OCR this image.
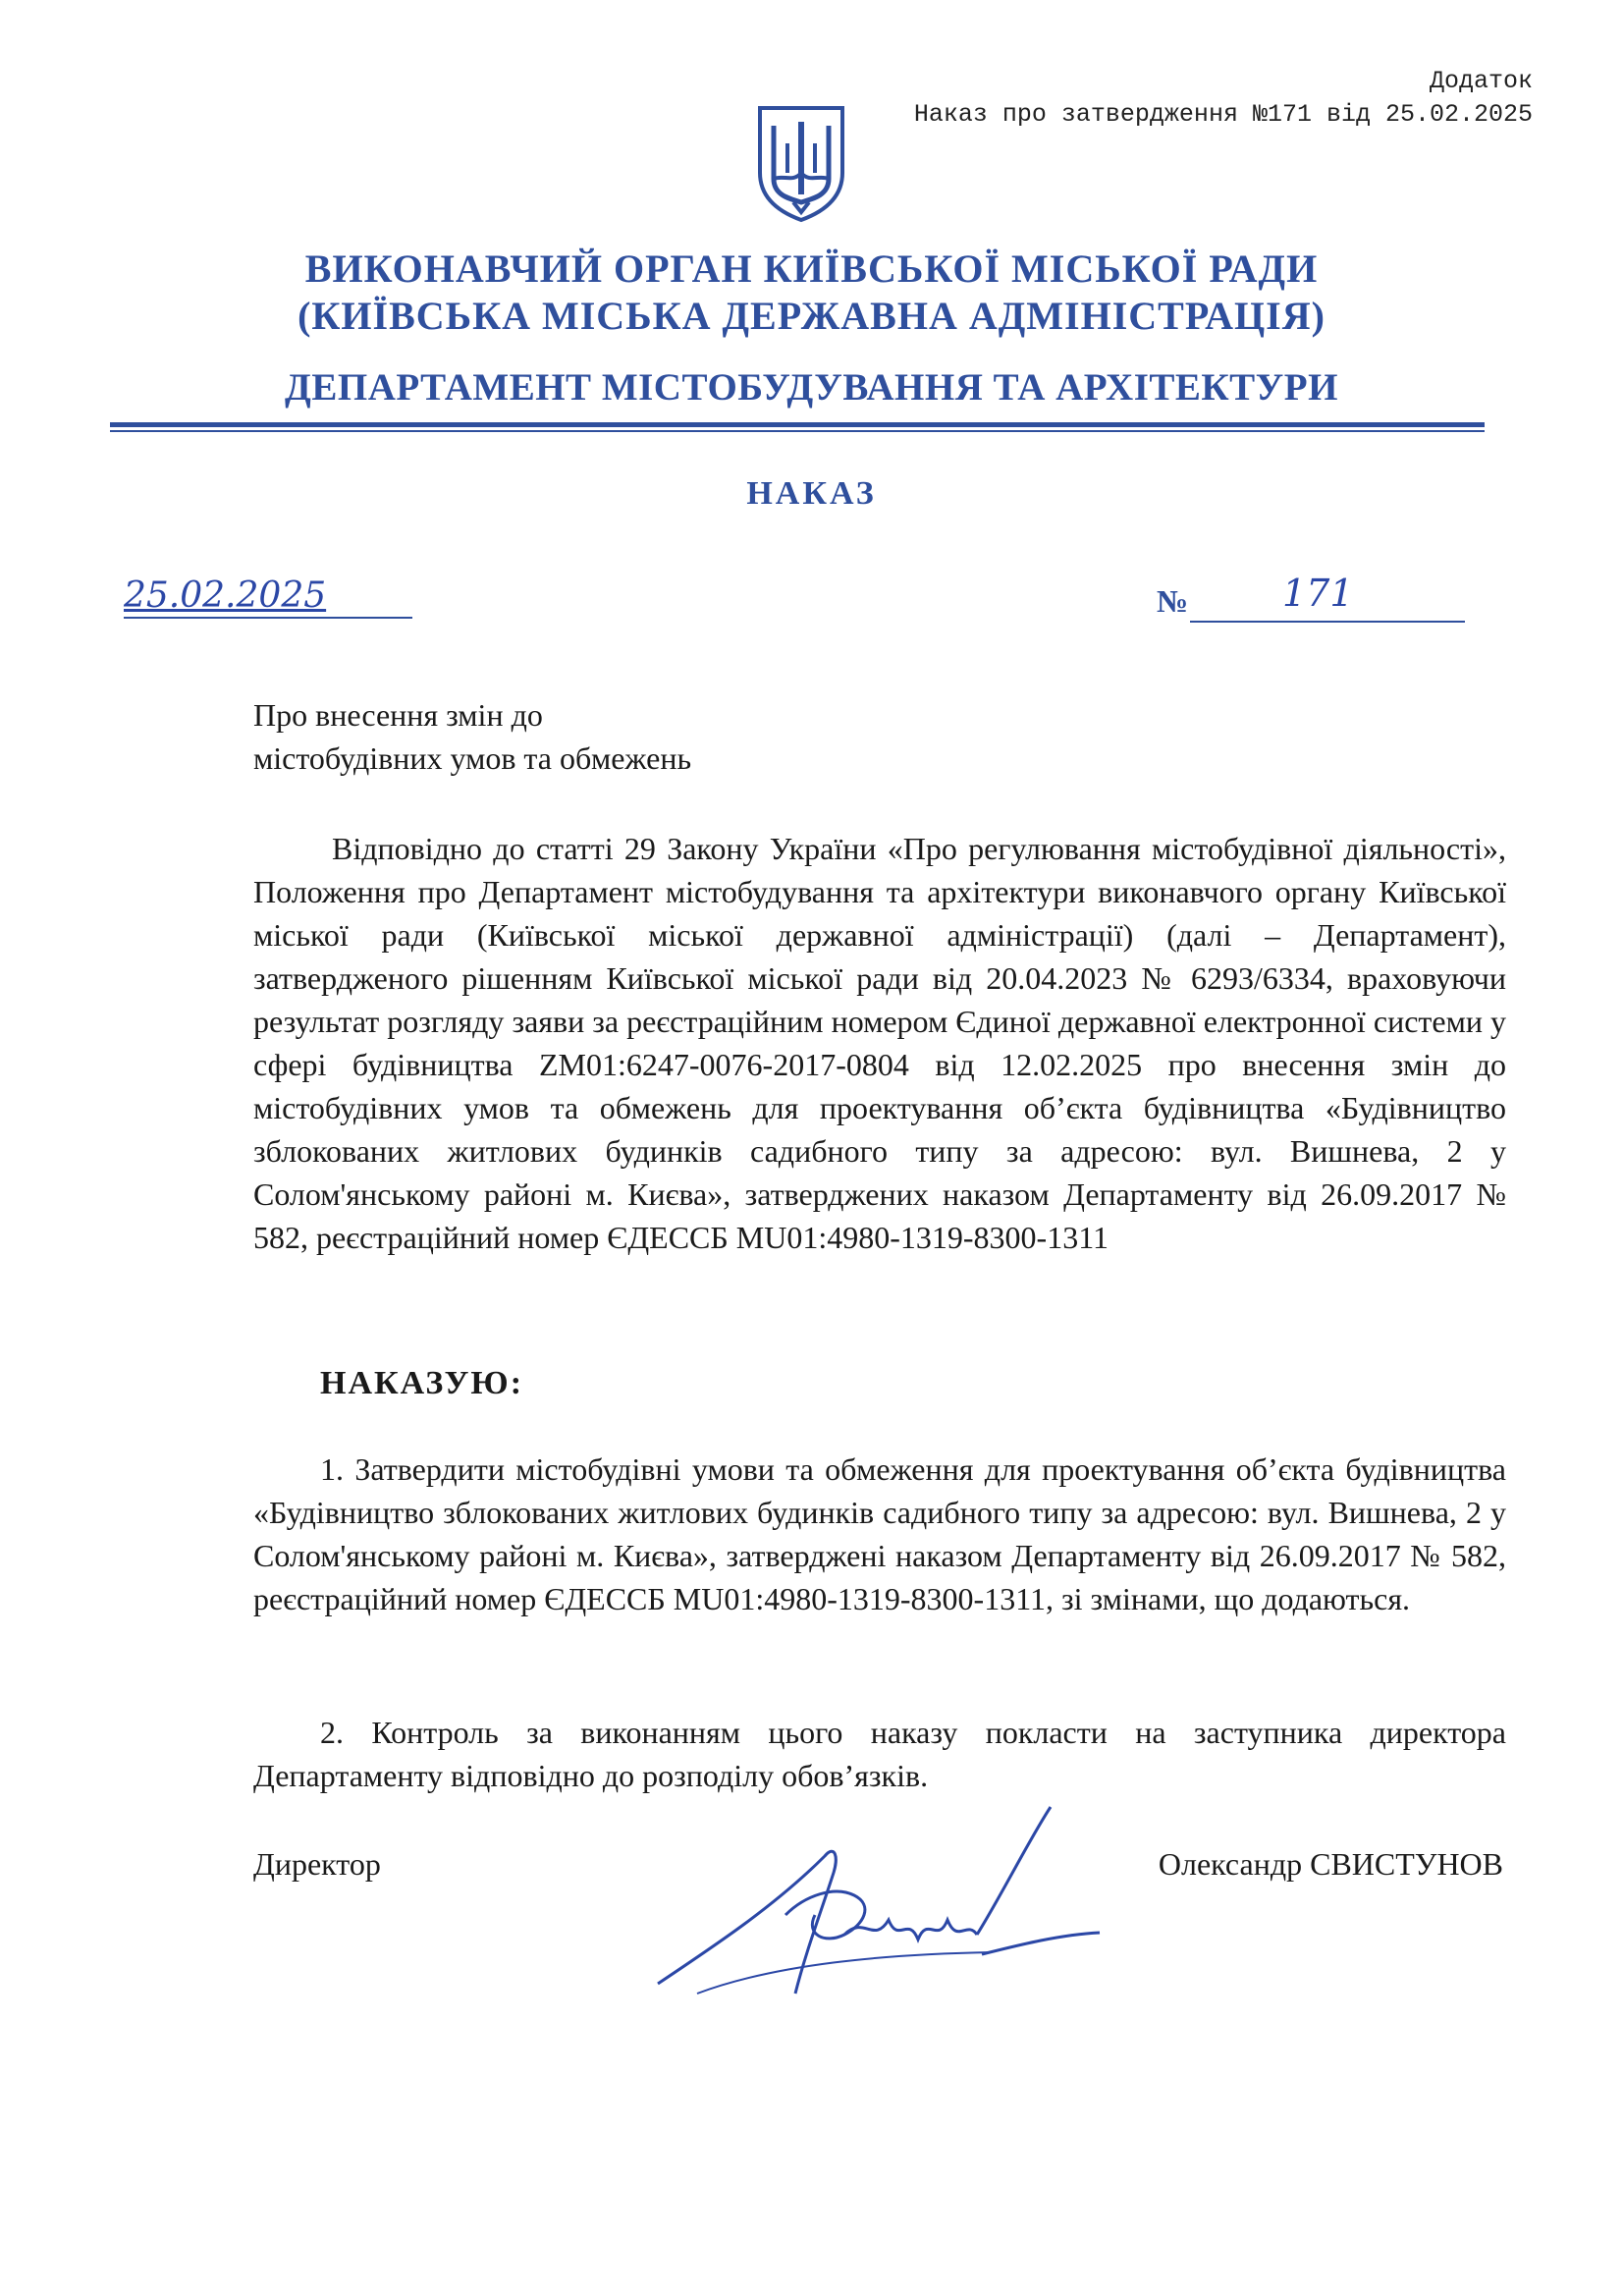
Додаток
Наказ про затвердження №171 від 25.02.2025
ВИКОНАВЧИЙ ОРГАН КИЇВСЬКОЇ МІСЬКОЇ РАДИ
(КИЇВСЬКА МІСЬКА ДЕРЖАВНА АДМІНІСТРАЦІЯ)
ДЕПАРТАМЕНТ МІСТОБУДУВАННЯ ТА АРХІТЕКТУРИ
НАКАЗ
25.02.2025	№	171
Про внесення змін до
містобудівних умов та обмежень

Відповідно до статті 29 Закону України «Про регулювання містобудівної діяльності», Положення про Департамент містобудування та архітектури виконавчого органу Київської міської ради (Київської міської державної адміністрації) (далі – Департамент), затвердженого рішенням Київської міської ради від 20.04.2023 № 6293/6334, враховуючи результат розгляду заяви за реєстраційним номером Єдиної державної електронної системи у сфері будівництва ZM01:6247-0076-2017-0804 від 12.02.2025 про внесення змін до містобудівних умов та обмежень для проектування об’єкта будівництва «Будівництво зблокованих житлових будинків садибного типу за адресою: вул. Вишнева, 2 у Солом'янському районі м. Києва», затверджених наказом Департаменту від 26.09.2017 № 582, реєстраційний номер ЄДЕССБ MU01:4980-1319-8300-1311

НАКАЗУЮ:

1. Затвердити містобудівні умови та обмеження для проектування об’єкта будівництва «Будівництво зблокованих житлових будинків садибного типу за адресою: вул. Вишнева, 2 у Солом'янському районі м. Києва», затверджені наказом Департаменту від 26.09.2017 № 582, реєстраційний номер ЄДЕССБ MU01:4980-1319-8300-1311, зі змінами, що додаються.

2. Контроль за виконанням цього наказу покласти на заступника директора Департаменту відповідно до розподілу обов’язків.

Директор	Олександр СВИСТУНОВ
